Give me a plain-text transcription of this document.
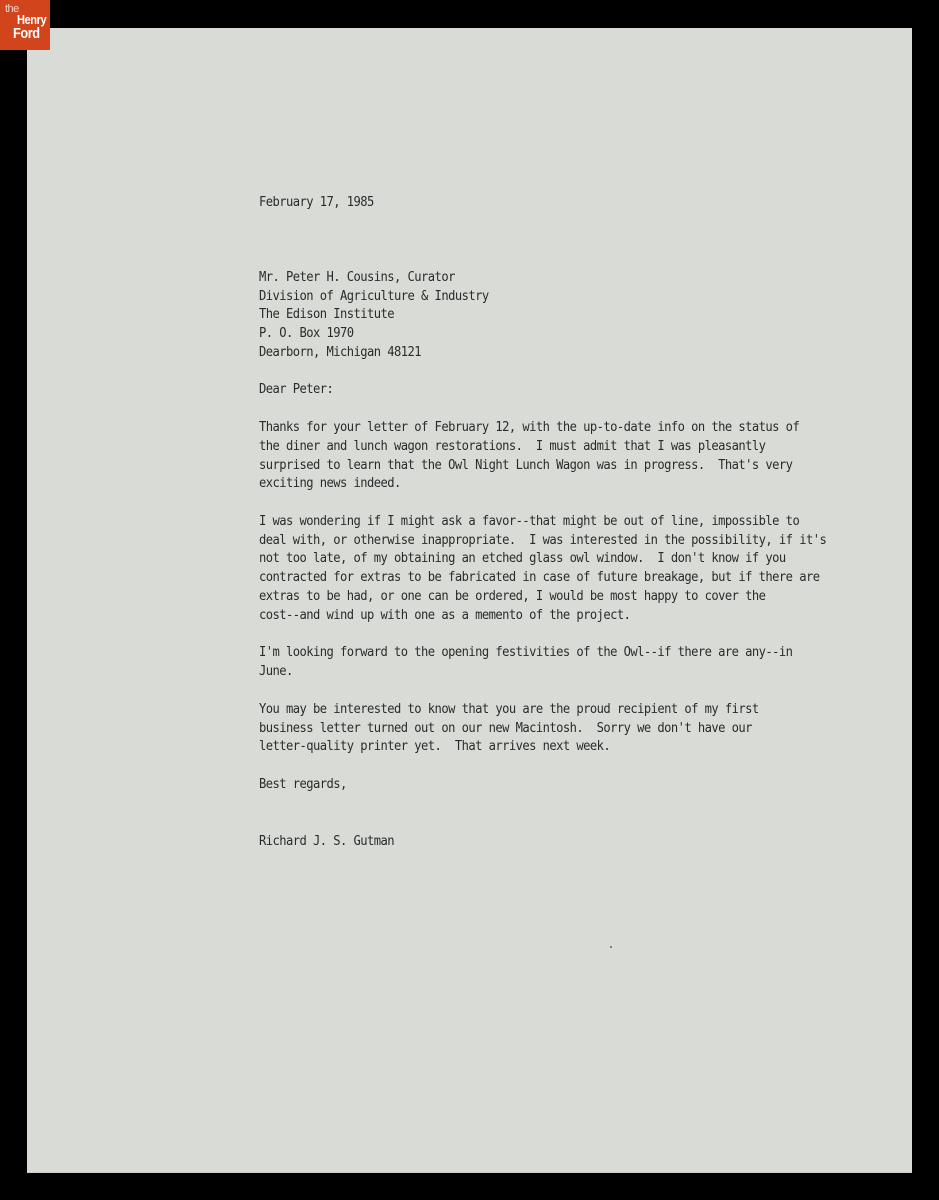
the
Henry
Ford
February 17, 1985
Mr. Peter H. Cousins, Curator
Division of Agriculture & Industry
The Edison Institute
P. O. Box 1970
Dearborn, Michigan 48121
Dear Peter:
Thanks for your letter of February 12, with the up-to-date info on the status of
the diner and lunch wagon restorations.  I must admit that I was pleasantly
surprised to learn that the Owl Night Lunch Wagon was in progress.  That's very
exciting news indeed.
I was wondering if I might ask a favor--that might be out of line, impossible to
deal with, or otherwise inappropriate.  I was interested in the possibility, if it's
not too late, of my obtaining an etched glass owl window.  I don't know if you
contracted for extras to be fabricated in case of future breakage, but if there are
extras to be had, or one can be ordered, I would be most happy to cover the
cost--and wind up with one as a memento of the project.
I'm looking forward to the opening festivities of the Owl--if there are any--in
June.
You may be interested to know that you are the proud recipient of my first
business letter turned out on our new Macintosh.  Sorry we don't have our
letter-quality printer yet.  That arrives next week.
Best regards,
Richard J. S. Gutman
